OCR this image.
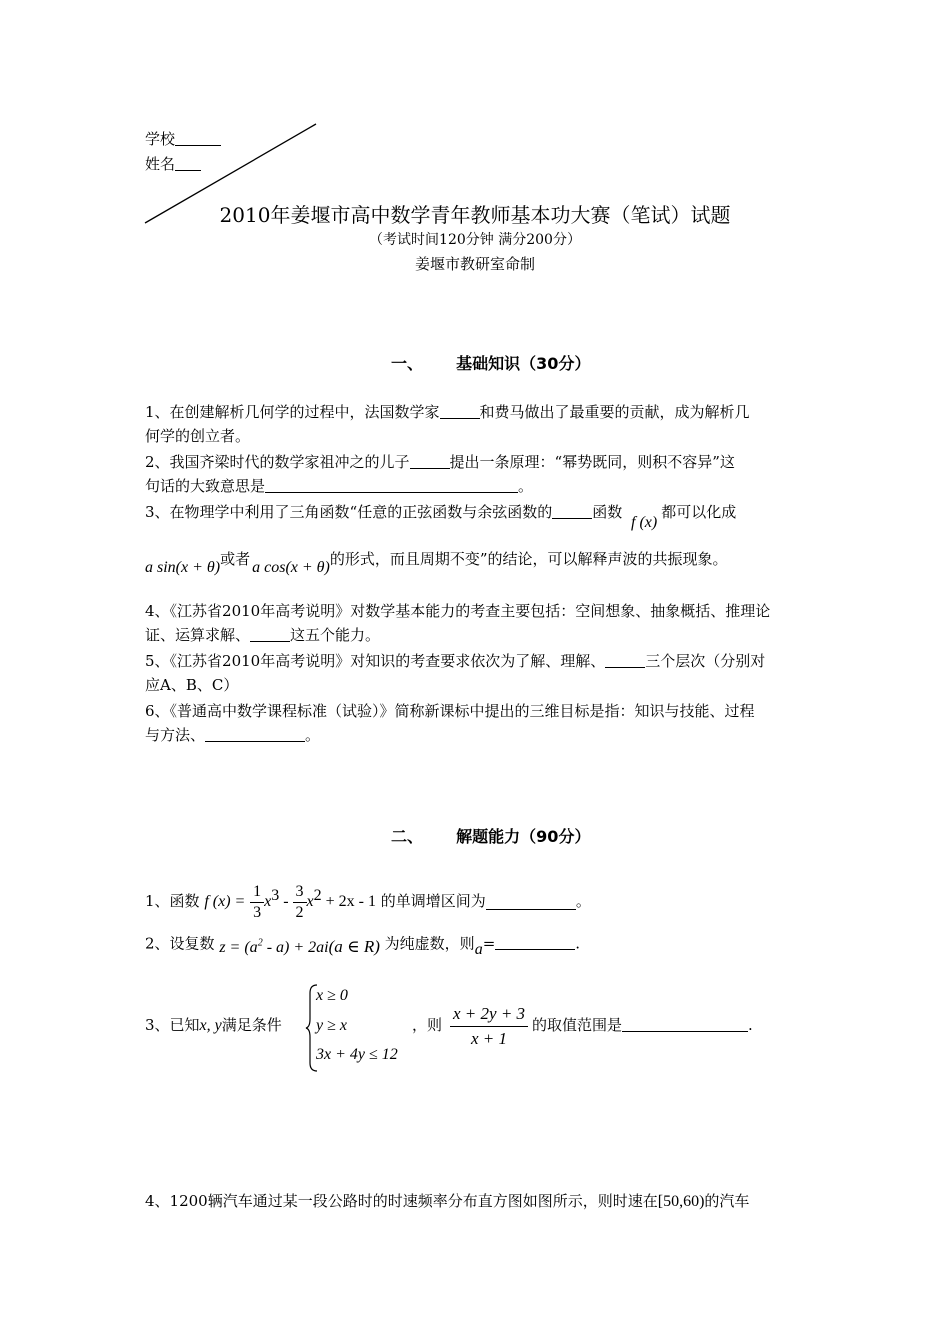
学校
姓名
2010年姜堰市高中数学青年教师基本功大赛（笔试）试题
（考试时间120分钟 满分200分）
姜堰市教研室命制
一、 基础知识（30分）
1、在创建解析几何学的过程中，法国数学家	和费马做出了最重要的贡献，成为解析几
何学的创立者。
2、我国齐梁时代的数学家祖冲之的儿子	提出一条原理：“幂势既同，则积不容异”这
句话的大致意思是	。
3、在物理学中利用了三角函数“任意的正弦函数与余弦函数的	函数 f (x)都可以化成
a sin(x + θ)或者 a cos(x + θ)的形式，而且周期不变”的结论，可以解释声波的共振现象。
4、《江苏省2010年高考说明》对数学基本能力的考查主要包括：空间想象、抽象概括、推理论
证、运算求解、	这五个能力。
5、《江苏省2010年高考说明》对知识的考查要求依次为了解、理解、	三个层次（分别对
应A、B、C）
6、《普通高中数学课程标准（试验）》简称新课标中提出的三维目标是指：知识与技能、过程
与方法、	。
二、 解题能力（90分）
1、函数 f $(x) = \frac{1}{3} x^3 - \frac{3}{2} x^2 + 2x - 1$ 的单调增区间为	。
2、设复数 $z = (a^2 - a) + 2ai(a$ ∈ R) 为纯虚数，则a=	.
3、已知x, y满足条件
x ≥ 0
y ≥ x
3x + 4y ≤ 12
，则 $\frac{x + 2y + 3}{x + 1}$ 的取值范围是	.
4、1200辆汽车通过某一段公路时的时速频率分布直方图如图所示，则时速在[50,60)的汽车
